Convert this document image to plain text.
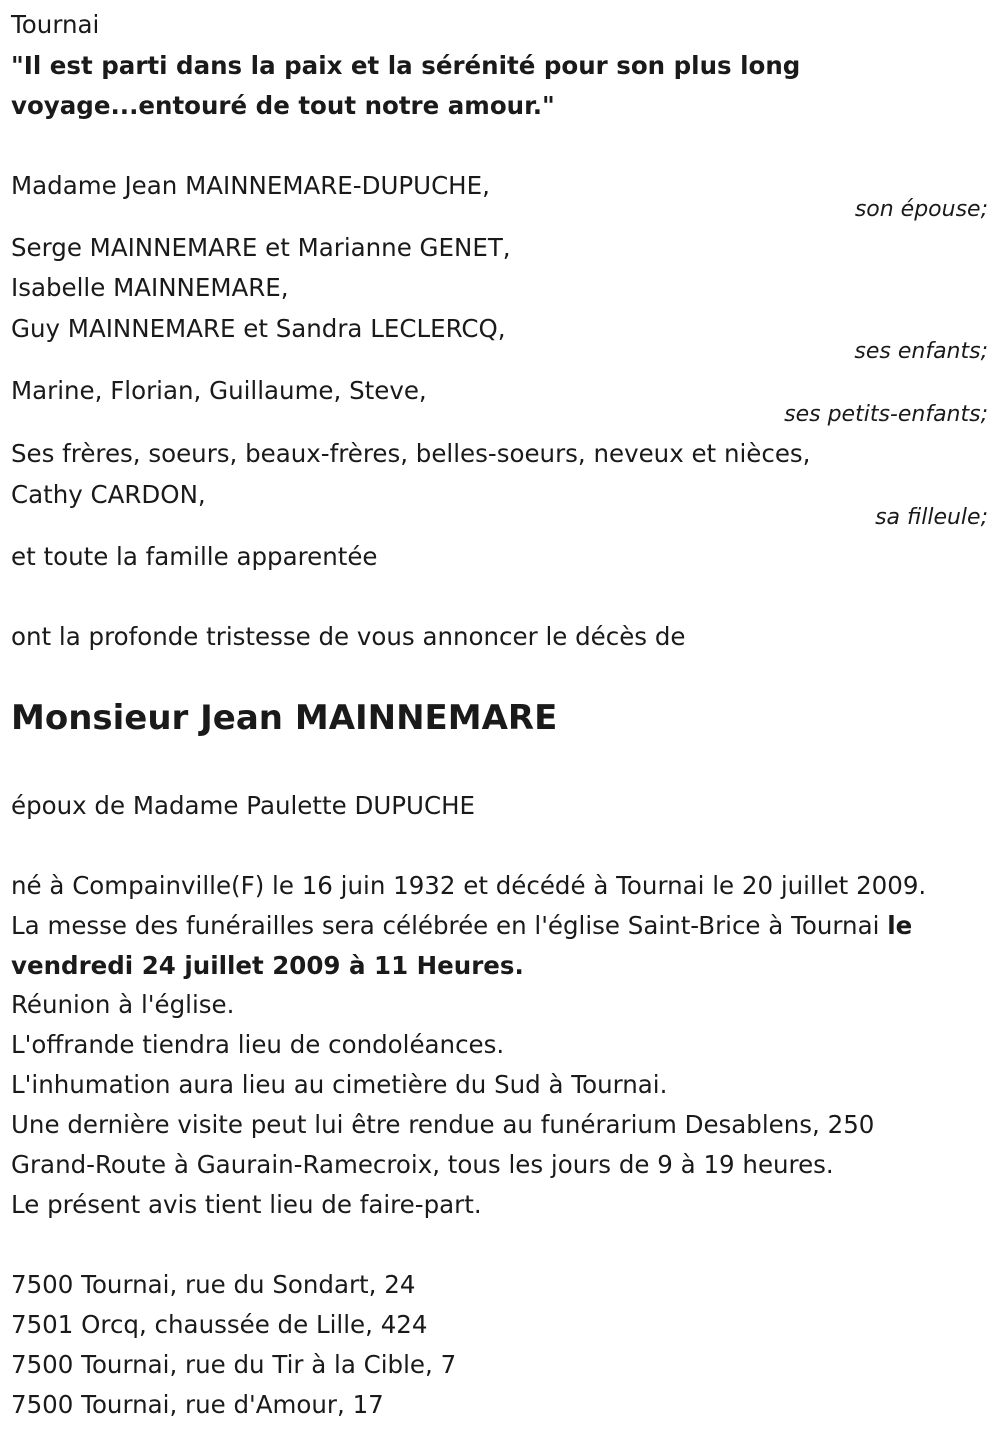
Tournai
"Il est parti dans la paix et la sérénité pour son plus long
voyage...entouré de tout notre amour."
Madame Jean MAINNEMARE-DUPUCHE,
son épouse;
Serge MAINNEMARE et Marianne GENET,
Isabelle MAINNEMARE,
Guy MAINNEMARE et Sandra LECLERCQ,
ses enfants;
Marine, Florian, Guillaume, Steve,
ses petits-enfants;
Ses frères, soeurs, beaux-frères, belles-soeurs, neveux et nièces,
Cathy CARDON,
sa filleule;
et toute la famille apparentée
ont la profonde tristesse de vous annoncer le décès de
Monsieur Jean MAINNEMARE
époux de Madame Paulette DUPUCHE
né à Compainville(F) le 16 juin 1932 et décédé à Tournai le 20 juillet 2009.
La messe des funérailles sera célébrée en l'église Saint-Brice à Tournai le
vendredi 24 juillet 2009 à 11 Heures.
Réunion à l'église.
L'offrande tiendra lieu de condoléances.
L'inhumation aura lieu au cimetière du Sud à Tournai.
Une dernière visite peut lui être rendue au funérarium Desablens, 250
Grand-Route à Gaurain-Ramecroix, tous les jours de 9 à 19 heures.
Le présent avis tient lieu de faire-part.
7500 Tournai, rue du Sondart, 24
7501 Orcq, chaussée de Lille, 424
7500 Tournai, rue du Tir à la Cible, 7
7500 Tournai, rue d'Amour, 17
